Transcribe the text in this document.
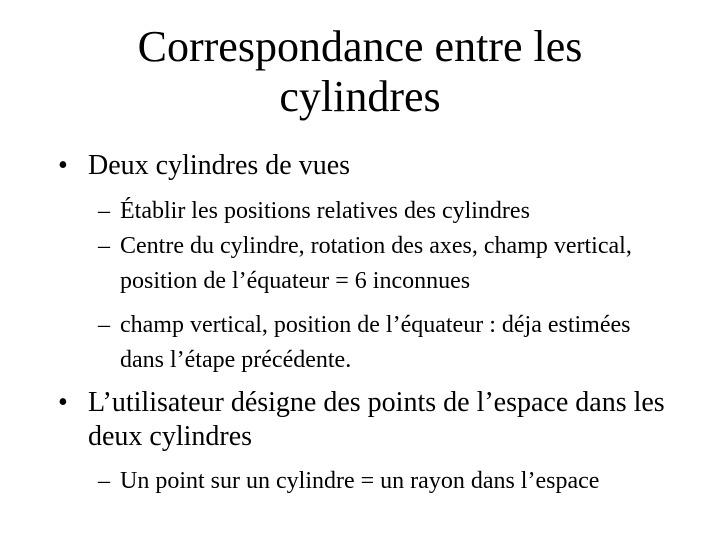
Correspondance entre les
cylindres
• Deux cylindres de vues
– Établir les positions relatives des cylindres
– Centre du cylindre, rotation des axes, champ vertical, position de l’équateur = 6 inconnues
– champ vertical, position de l’équateur : déja estimées dans l’étape précédente.
• L’utilisateur désigne des points de l’espace dans les deux cylindres
– Un point sur un cylindre = un rayon dans l’espace
